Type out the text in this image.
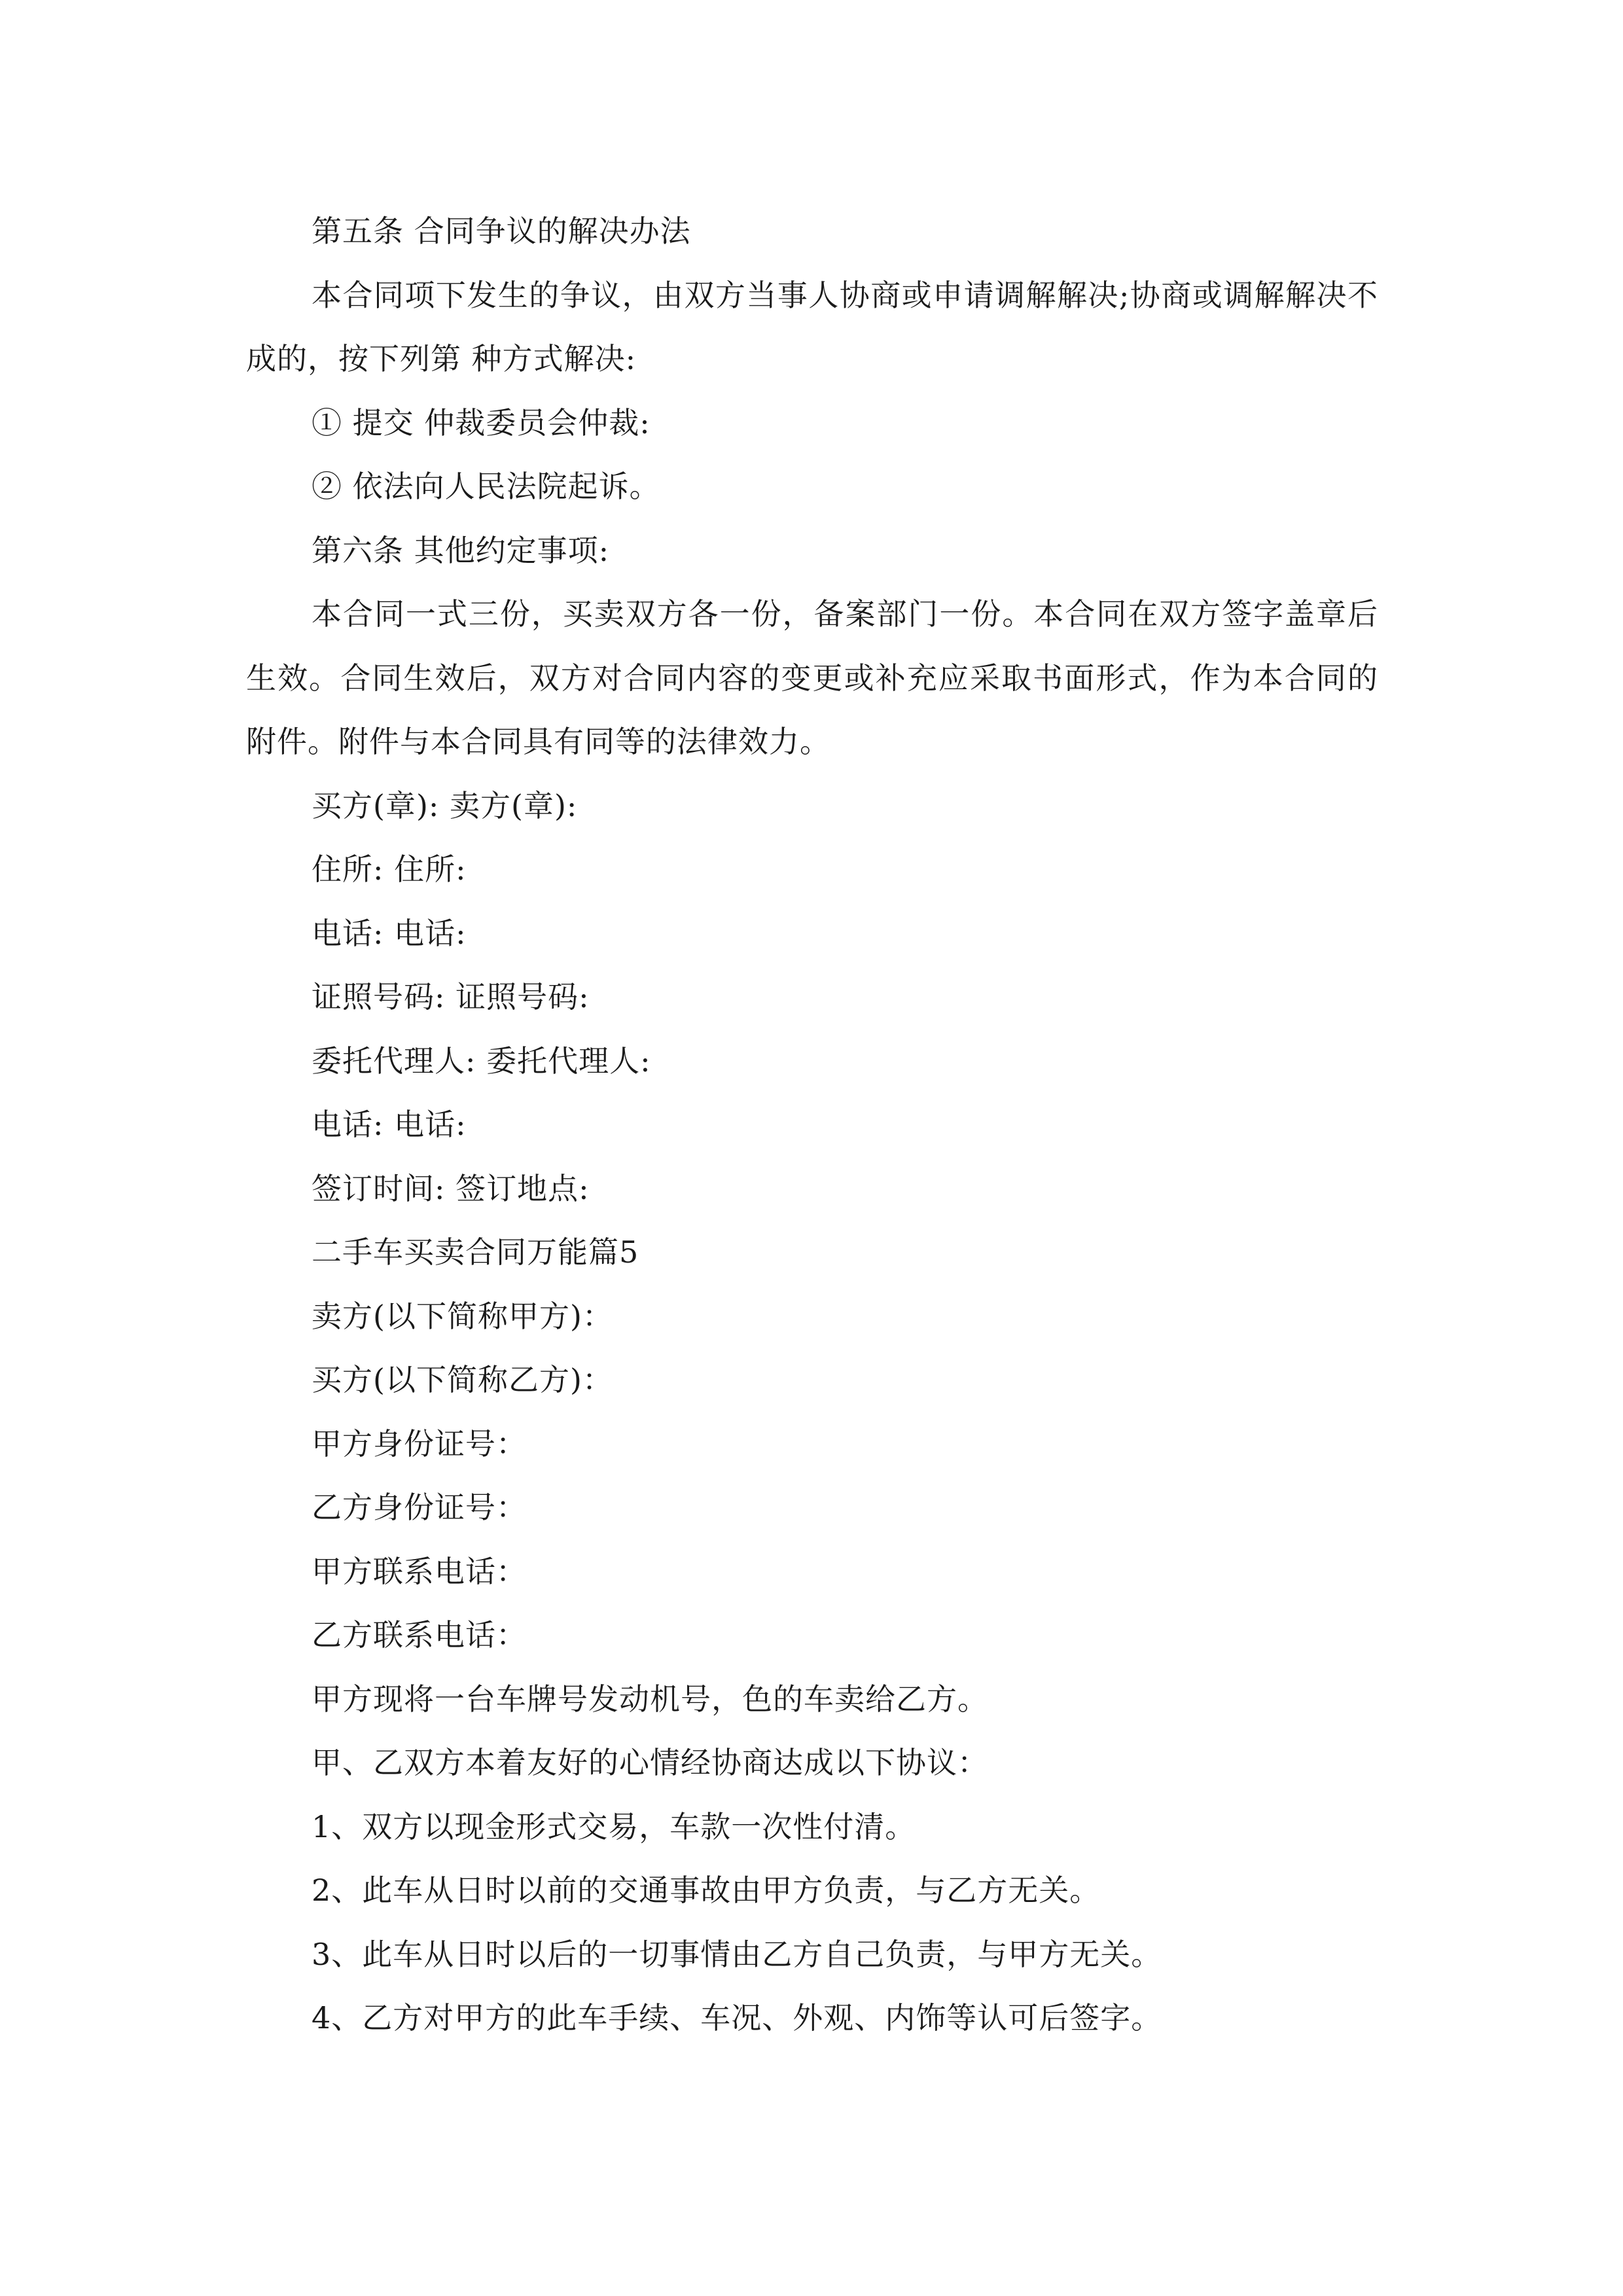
第五条 合同争议的解决办法

本合同项下发生的争议，由双方当事人协商或申请调解解决;协商或调解解决不成的，按下列第 种方式解决:

① 提交 仲裁委员会仲裁:

② 依法向人民法院起诉。

第六条 其他约定事项:

本合同一式三份，买卖双方各一份，备案部门一份。本合同在双方签字盖章后生效。合同生效后，双方对合同内容的变更或补充应采取书面形式，作为本合同的附件。附件与本合同具有同等的法律效力。

买方(章): 卖方(章):

住所: 住所:

电话: 电话:

证照号码: 证照号码:

委托代理人: 委托代理人:

电话: 电话:

签订时间: 签订地点:

二手车买卖合同万能篇5

卖方(以下简称甲方)：

买方(以下简称乙方)：

甲方身份证号：

乙方身份证号：

甲方联系电话：

乙方联系电话：

甲方现将一台车牌号发动机号，色的车卖给乙方。

甲、乙双方本着友好的心情经协商达成以下协议：

1、双方以现金形式交易，车款一次性付清。

2、此车从日时以前的交通事故由甲方负责，与乙方无关。

3、此车从日时以后的一切事情由乙方自己负责，与甲方无关。

4、乙方对甲方的此车手续、车况、外观、内饰等认可后签字。
